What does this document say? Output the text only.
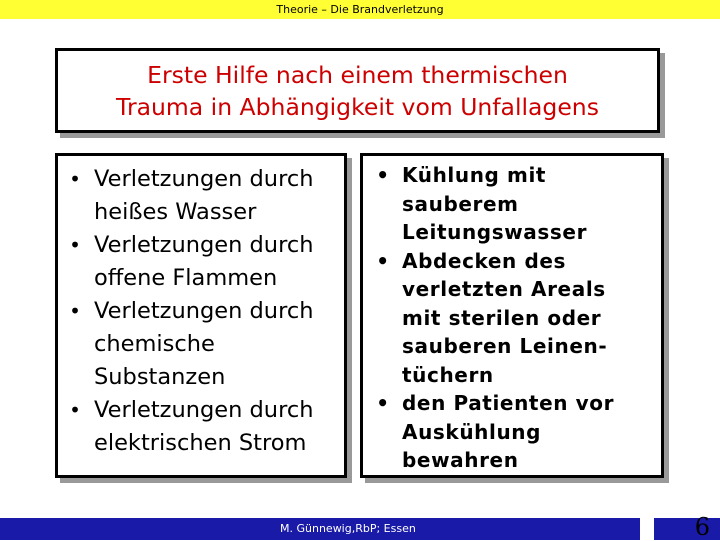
Theorie – Die Brandverletzung
Erste Hilfe nach einem thermischen
Trauma in Abhängigkeit vom Unfallagens
• Verletzungen durch
heißes Wasser
• Verletzungen durch
offene Flammen
• Verletzungen durch
chemische
Substanzen
• Verletzungen durch
elektrischen Strom
• Kühlung mit
sauberem
Leitungswasser
• Abdecken des
verletzten Areals
mit sterilen oder
sauberen Leinen-
tüchern
• den Patienten vor
Auskühlung
bewahren
M. Günnewig,RbP; Essen	6
